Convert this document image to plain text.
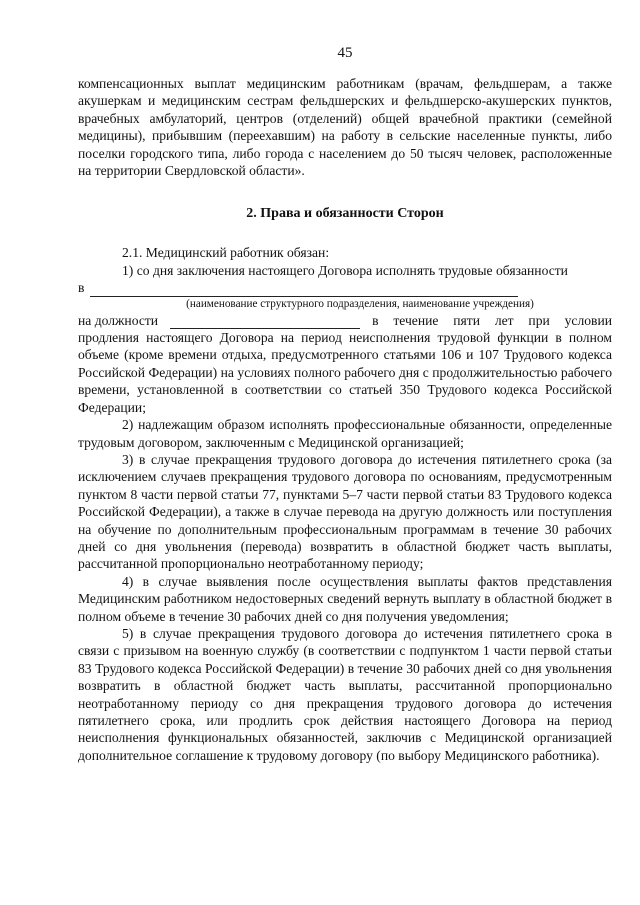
45

компенсационных выплат медицинским работникам (врачам, фельдшерам, а также акушеркам и медицинским сестрам фельдшерских и фельдшерско-акушерских пунктов, врачебных амбулаторий, центров (отделений) общей врачебной практики (семейной медицины), прибывшим (переехавшим) на работу в сельские населенные пункты, либо поселки городского типа, либо города с населением до 50 тысяч человек, расположенные на территории Свердловской области».

2. Права и обязанности Сторон

2.1. Медицинский работник обязан:

1) со дня заключения настоящего Договора исполнять трудовые обязанности

в
(наименование структурного подразделения, наименование учреждения)
на должности	в течение пяти лет при условии

продления настоящего Договора на период неисполнения трудовой функции в полном объеме (кроме времени отдыха, предусмотренного статьями 106 и 107 Трудового кодекса Российской Федерации) на условиях полного рабочего дня с продолжительностью рабочего времени, установленной в соответствии со статьей 350 Трудового кодекса Российской Федерации;

2) надлежащим образом исполнять профессиональные обязанности, определенные трудовым договором, заключенным с Медицинской организацией;

3) в случае прекращения трудового договора до истечения пятилетнего срока (за исключением случаев прекращения трудового договора по основаниям, предусмотренным пунктом 8 части первой статьи 77, пунктами 5–7 части первой статьи 83 Трудового кодекса Российской Федерации), а также в случае перевода на другую должность или поступления на обучение по дополнительным профессиональным программам в течение 30 рабочих дней со дня увольнения (перевода) возвратить в областной бюджет часть выплаты, рассчитанной пропорционально неотработанному периоду;

4) в случае выявления после осуществления выплаты фактов представления Медицинским работником недостоверных сведений вернуть выплату в областной бюджет в полном объеме в течение 30 рабочих дней со дня получения уведомления;

5) в случае прекращения трудового договора до истечения пятилетнего срока в связи с призывом на военную службу (в соответствии с подпунктом 1 части первой статьи 83 Трудового кодекса Российской Федерации) в течение 30 рабочих дней со дня увольнения возвратить в областной бюджет часть выплаты, рассчитанной пропорционально неотработанному периоду со дня прекращения трудового договора до истечения пятилетнего срока, или продлить срок действия настоящего Договора на период неисполнения функциональных обязанностей, заключив с Медицинской организацией дополнительное соглашение к трудовому договору (по выбору Медицинского работника).
